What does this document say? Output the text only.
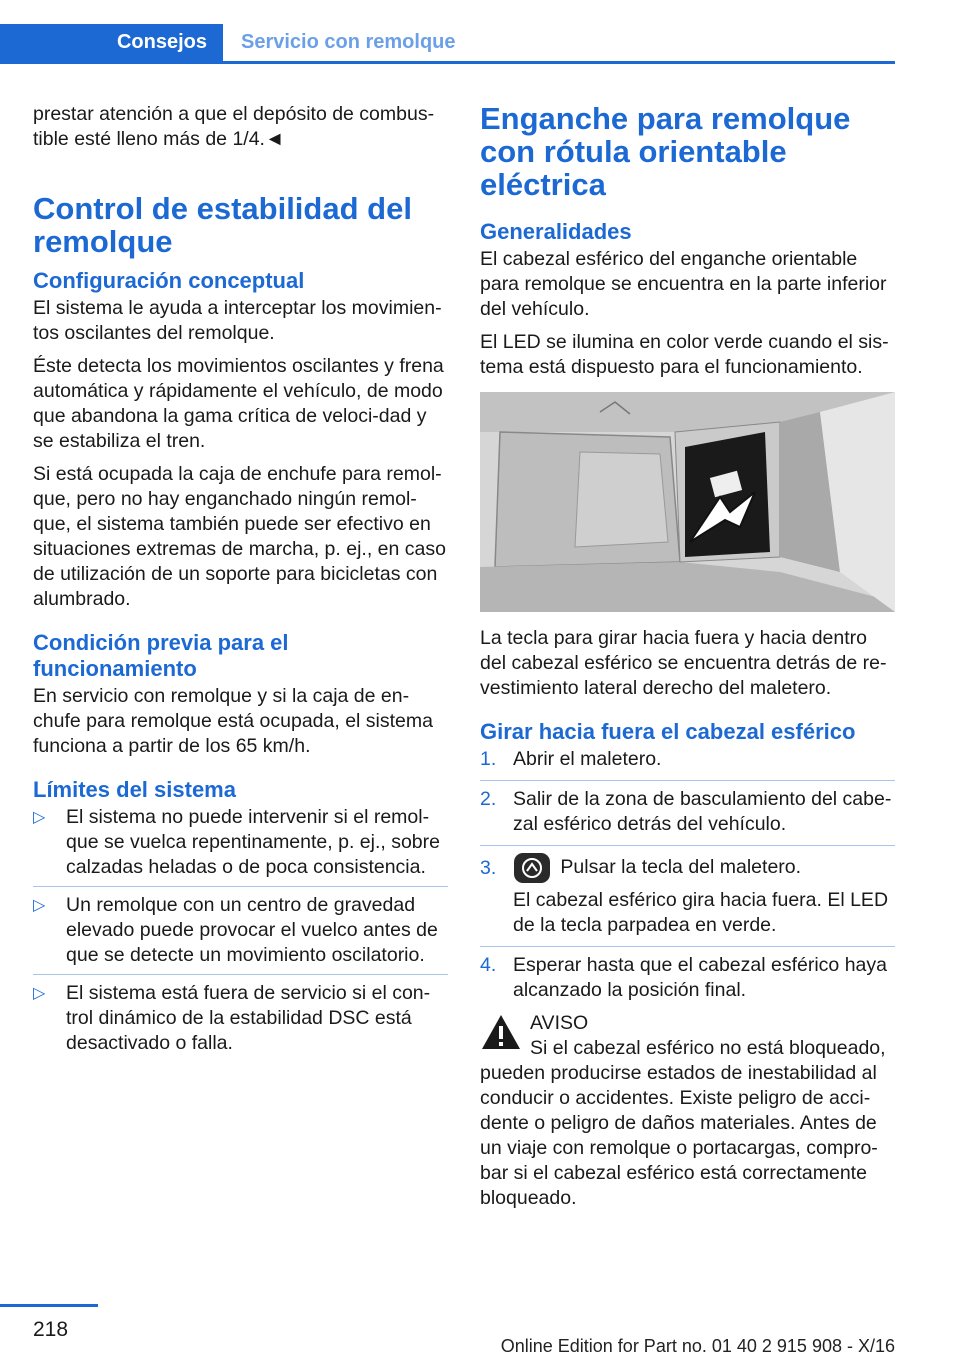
Consejos	Servicio con remolque

prestar atención a que el depósito de combus-tible esté lleno más de 1/4.◄

Control de estabilidad del remolque
Configuración conceptual

El sistema le ayuda a interceptar los movimien-tos oscilantes del remolque.

Éste detecta los movimientos oscilantes y frena automática y rápidamente el vehículo, de modo que abandona la gama crítica de veloci-dad y se estabiliza el tren.

Si está ocupada la caja de enchufe para remol-que, pero no hay enganchado ningún remol-que, el sistema también puede ser efectivo en situaciones extremas de marcha, p. ej., en caso de utilización de un soporte para bicicletas con alumbrado.

Condición previa para el funcionamiento

En servicio con remolque y si la caja de en-chufe para remolque está ocupada, el sistema funciona a partir de los 65 km/h.

Límites del sistema
▷ El sistema no puede intervenir si el remol-que se vuelca repentinamente, p. ej., sobre calzadas heladas o de poca consistencia.
▷ Un remolque con un centro de gravedad elevado puede provocar el vuelco antes de que se detecte un movimiento oscilatorio.
▷ El sistema está fuera de servicio si el con-trol dinámico de la estabilidad DSC está desactivado o falla.
Enganche para remolque con rótula orientable eléctrica
Generalidades

El cabezal esférico del enganche orientable para remolque se encuentra en la parte inferior del vehículo.

El LED se ilumina en color verde cuando el sis-tema está dispuesto para el funcionamiento.

La tecla para girar hacia fuera y hacia dentro del cabezal esférico se encuentra detrás de re-vestimiento lateral derecho del maletero.

Girar hacia fuera el cabezal esférico
1. Abrir el maletero.
2. Salir de la zona de basculamiento del cabe-zal esférico detrás del vehículo.
3.	Pulsar la tecla del maletero.
El cabezal esférico gira hacia fuera. El LED de la tecla parpadea en verde.
4. Esperar hasta que el cabezal esférico haya alcanzado la posición final.
AVISO
Si el cabezal esférico no está bloqueado,
pueden producirse estados de inestabilidad al conducir o accidentes. Existe peligro de acci-dente o peligro de daños materiales. Antes de un viaje con remolque o portacargas, compro-bar si el cabezal esférico está correctamente bloqueado.
218
Online Edition for Part no. 01 40 2 915 908 - X/16
